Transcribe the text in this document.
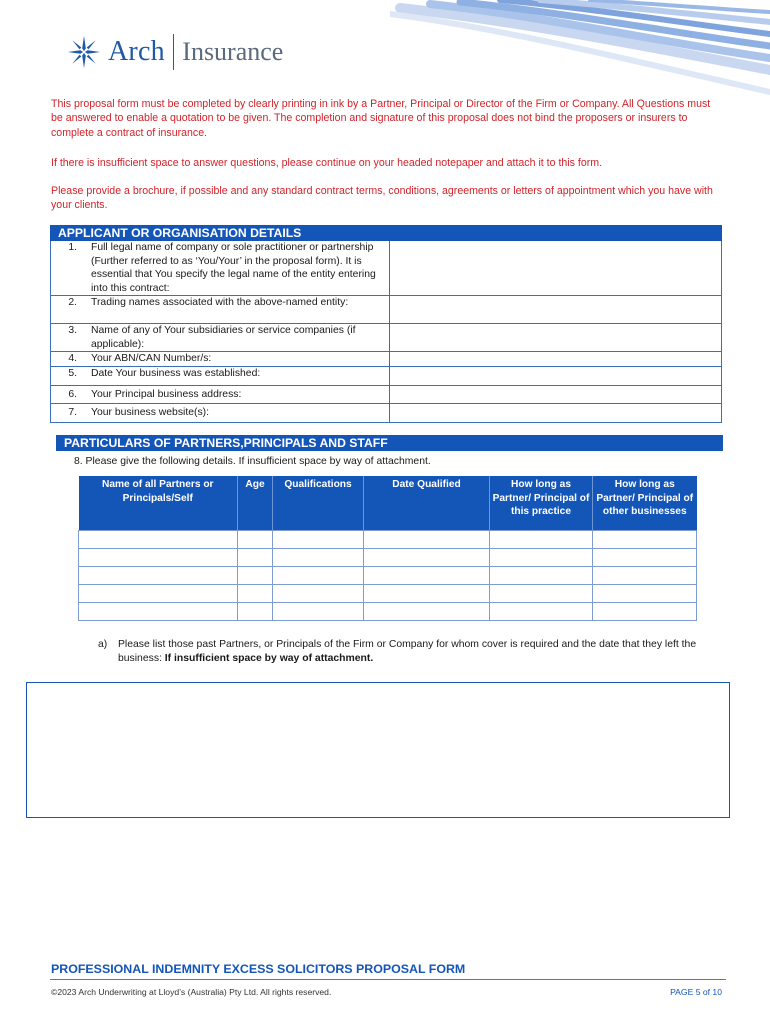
Arch Insurance
This proposal form must be completed by clearly printing in ink by a Partner, Principal or Director of the Firm or Company. All Questions must be answered to enable a quotation to be given. The completion and signature of this proposal does not bind the proposers or insurers to complete a contract of insurance.
If there is insufficient space to answer questions, please continue on your headed notepaper and attach it to this form.
Please provide a brochure, if possible and any standard contract terms, conditions, agreements or letters of appointment which you have with your clients.
APPLICANT OR ORGANISATION DETAILS
1.	Full legal name of company or sole practitioner or partnership (Further referred to as ‘You/Your’ in the proposal form). It is essential that You specify the legal name of the entity entering into this contract:
2.	Trading names associated with the above-named entity:
3.	Name of any of Your subsidiaries or service companies (if applicable):
4.	Your ABN/CAN Number/s:
5.	Date Your business was established:
6.	Your Principal business address:
7.	Your business website(s):
PARTICULARS OF PARTNERS,PRINCIPALS AND STAFF
8. Please give the following details. If insufficient space by way of attachment.
Name of all Partners or Principals/Self	Age	Qualifications	Date Qualified	How long as Partner/ Principal of this practice	How long as Partner/ Principal of other businesses

a)	Please list those past Partners, or Principals of the Firm or Company for whom cover is required and the date that they left the business: If insufficient space by way of attachment.
PROFESSIONAL INDEMNITY EXCESS SOLICITORS PROPOSAL FORM
©2023 Arch Underwriting at Lloyd’s (Australia) Pty Ltd. All rights reserved.	PAGE 5 of 10
